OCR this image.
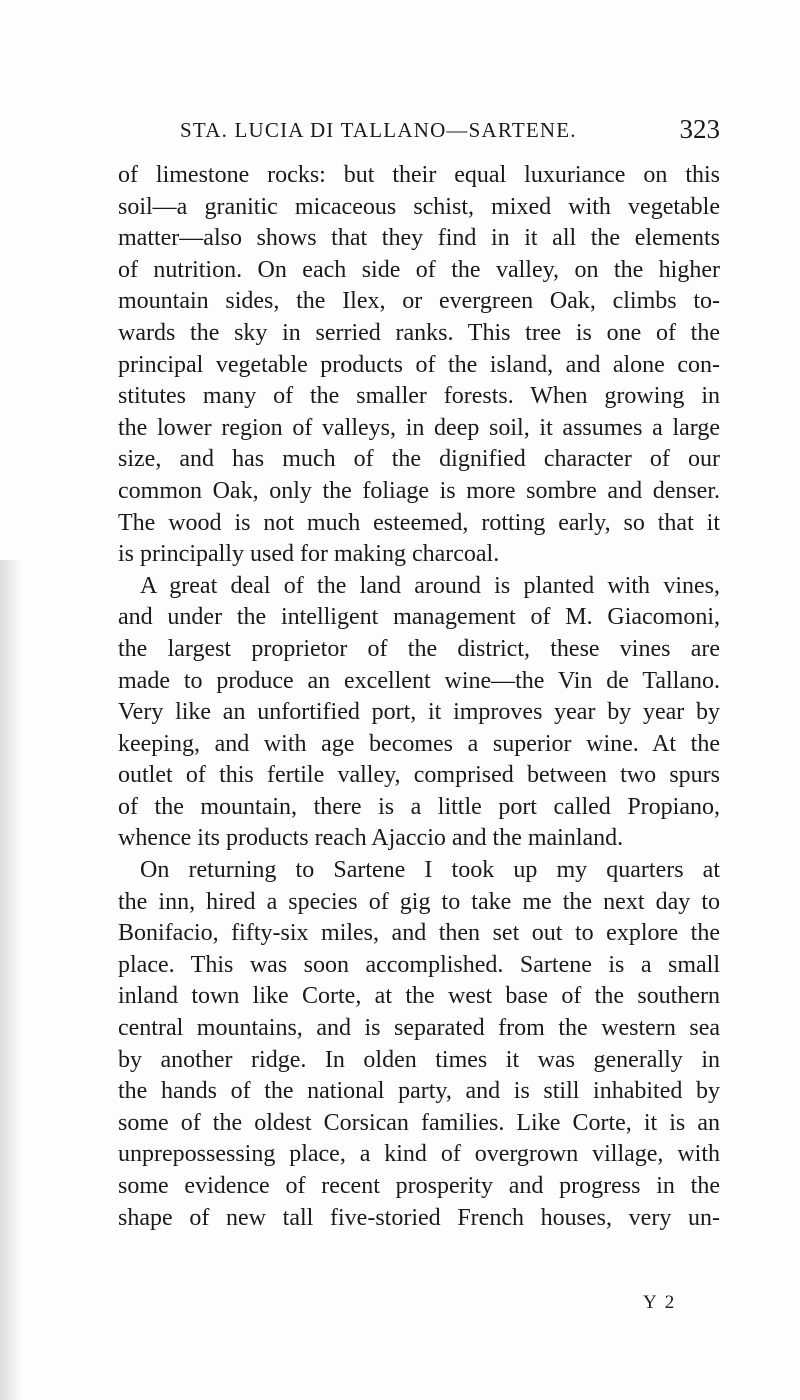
STA. LUCIA DI TALLANO—SARTENE.	323
of limestone rocks: but their equal luxuriance on this
soil—a granitic micaceous schist, mixed with vegetable
matter—also shows that they find in it all the elements
of nutrition. On each side of the valley, on the higher
mountain sides, the Ilex, or evergreen Oak, climbs to-
wards the sky in serried ranks. This tree is one of the
principal vegetable products of the island, and alone con-
stitutes many of the smaller forests. When growing in
the lower region of valleys, in deep soil, it assumes a large
size, and has much of the dignified character of our
common Oak, only the foliage is more sombre and denser.
The wood is not much esteemed, rotting early, so that it
is principally used for making charcoal.
A great deal of the land around is planted with vines,
and under the intelligent management of M. Giacomoni,
the largest proprietor of the district, these vines are
made to produce an excellent wine—the Vin de Tallano.
Very like an unfortified port, it improves year by year by
keeping, and with age becomes a superior wine. At the
outlet of this fertile valley, comprised between two spurs
of the mountain, there is a little port called Propiano,
whence its products reach Ajaccio and the mainland.
On returning to Sartene I took up my quarters at
the inn, hired a species of gig to take me the next day to
Bonifacio, fifty-six miles, and then set out to explore the
place. This was soon accomplished. Sartene is a small
inland town like Corte, at the west base of the southern
central mountains, and is separated from the western sea
by another ridge. In olden times it was generally in
the hands of the national party, and is still inhabited by
some of the oldest Corsican families. Like Corte, it is an
unprepossessing place, a kind of overgrown village, with
some evidence of recent prosperity and progress in the
shape of new tall five-storied French houses, very un-
Y 2
